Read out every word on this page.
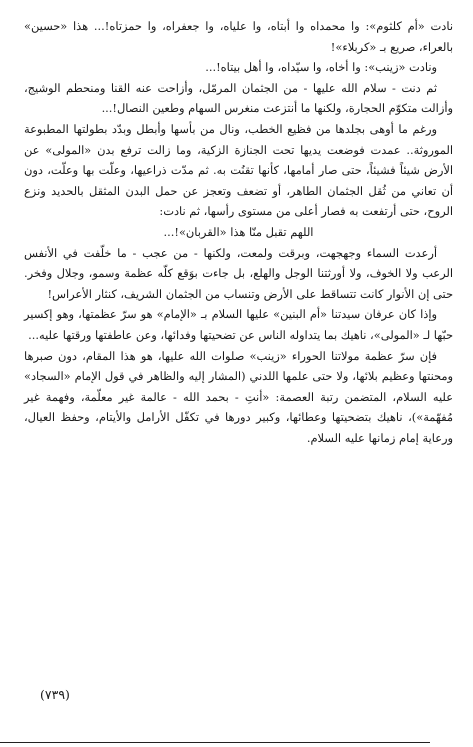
نادت «أم كلثوم»: وا محمداه وا أبتاه، وا علياه، وا جعفراه، وا حمزتاه!... هذا «حسين» بالعراء، صريع بـ «كربلاء»!

ونادت «زينب»: وا أخاه، وا سيّداه، وا أهل بيتاه!...

ثم دنت - سلام الله عليها - من الجثمان المرمّل، وأزاحت عنه القنا ومنحطم الوشيج، وأزالت متكوّم الحجارة، ولكنها ما أنتزعت منغرس السهام وطعين النصال!...

ورغم ما أوهى بجلدها من فظيع الخطب، ونال من بأسها وأبطل وبدّد بطولتها المطبوعة الموروثة.. عمدت فوضعت يديها تحت الجنازة الزكية، وما زالت ترفع بدن «المولى» عن الأرض شيئاً فشيئاً، حتى صار أمامها، كأنها تقنُت به. ثم مدّت ذراعيها، وعلّت بها وعلّت، دون أن تعاني من ثُقل الجثمان الطاهر، أو تضعف وتعجز عن حمل البدن المثقل بالحديد ونزع الروح، حتى أرتفعت به فصار أعلى من مستوى رأسها، ثم نادت:

اللهم تقبل منّا هذا «القربان»!...

أرعدت السماء وجهجهت، وبرقت ولمعت، ولكنها - من عجب - ما خلّفت في الأنفس الرعب ولا الخوف، ولا أورثتنا الوجل والهلع، بل جاءت بوَقع كلّه عظمة وسمو، وجلال وفخر. حتى إن الأنوار كانت تتساقط على الأرض وتنساب من الجثمان الشريف، كنثار الأعراس!

وإذا كان عرفان سيدتنا «أم البنين» عليها السلام بـ «الإمام» هو سرّ عظمتها، وهو إكسير حبّها لـ «المولى»، ناهيك بما يتداوله الناس عن تضحيتها وفدائها، وعن عاطفتها ورقتها عليه...

فإن سرّ عظمة مولاتنا الحوراء «زينب» صلوات الله عليها، هو هذا المقام، دون صبرها ومحنتها وعظيم بلائها، ولا حتى علمها اللدني (المشار إليه والظاهر في قول الإمام «السجاد» عليه السلام، المتضمن رتبة العصمة: «أنتِ - بحمد الله - عالمة غير معلّمة، وفهمة غير مُفهّمة»)، ناهيك بتضحيتها وعطائها، وكبير دورها في تكفّل الأرامل والأيتام، وحفظ العيال، ورعاية إمام زمانها عليه السلام.

(٧٣٩)
